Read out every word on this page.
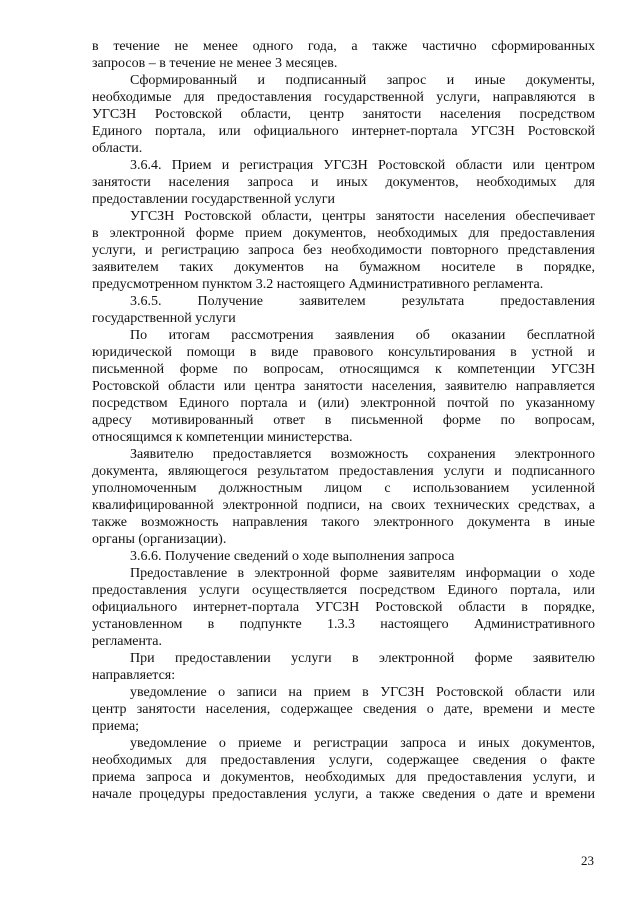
в течение не менее одного года, а также частично сформированных
запросов – в течение не менее 3 месяцев.
Сформированный и подписанный запрос и иные документы,
необходимые для предоставления государственной услуги, направляются в
УГСЗН Ростовской области, центр занятости населения посредством
Единого портала, или официального интернет-портала УГСЗН Ростовской
области.
3.6.4. Прием и регистрация УГСЗН Ростовской области или центром
занятости населения запроса и иных документов, необходимых для
предоставлении государственной услуги
УГСЗН Ростовской области, центры занятости населения обеспечивает
в электронной форме прием документов, необходимых для предоставления
услуги, и регистрацию запроса без необходимости повторного представления
заявителем таких документов на бумажном носителе в порядке,
предусмотренном пунктом 3.2 настоящего Административного регламента.
3.6.5. Получение заявителем результата предоставления
государственной услуги
По итогам рассмотрения заявления об оказании бесплатной
юридической помощи в виде правового консультирования в устной и
письменной форме по вопросам, относящимся к компетенции УГСЗН
Ростовской области или центра занятости населения, заявителю направляется
посредством Единого портала и (или) электронной почтой по указанному
адресу мотивированный ответ в письменной форме по вопросам,
относящимся к компетенции министерства.
Заявителю предоставляется возможность сохранения электронного
документа, являющегося результатом предоставления услуги и подписанного
уполномоченным должностным лицом с использованием усиленной
квалифицированной электронной подписи, на своих технических средствах, а
также возможность направления такого электронного документа в иные
органы (организации).
3.6.6. Получение сведений о ходе выполнения запроса
Предоставление в электронной форме заявителям информации о ходе
предоставления услуги осуществляется посредством Единого портала, или
официального интернет-портала УГСЗН Ростовской области в порядке,
установленном в подпункте 1.3.3 настоящего Административного
регламента.
При предоставлении услуги в электронной форме заявителю
направляется:
уведомление о записи на прием в УГСЗН Ростовской области или
центр занятости населения, содержащее сведения о дате, времени и месте
приема;
уведомление о приеме и регистрации запроса и иных документов,
необходимых для предоставления услуги, содержащее сведения о факте
приема запроса и документов, необходимых для предоставления услуги, и
начале процедуры предоставления услуги, а также сведения о дате и времени
23
